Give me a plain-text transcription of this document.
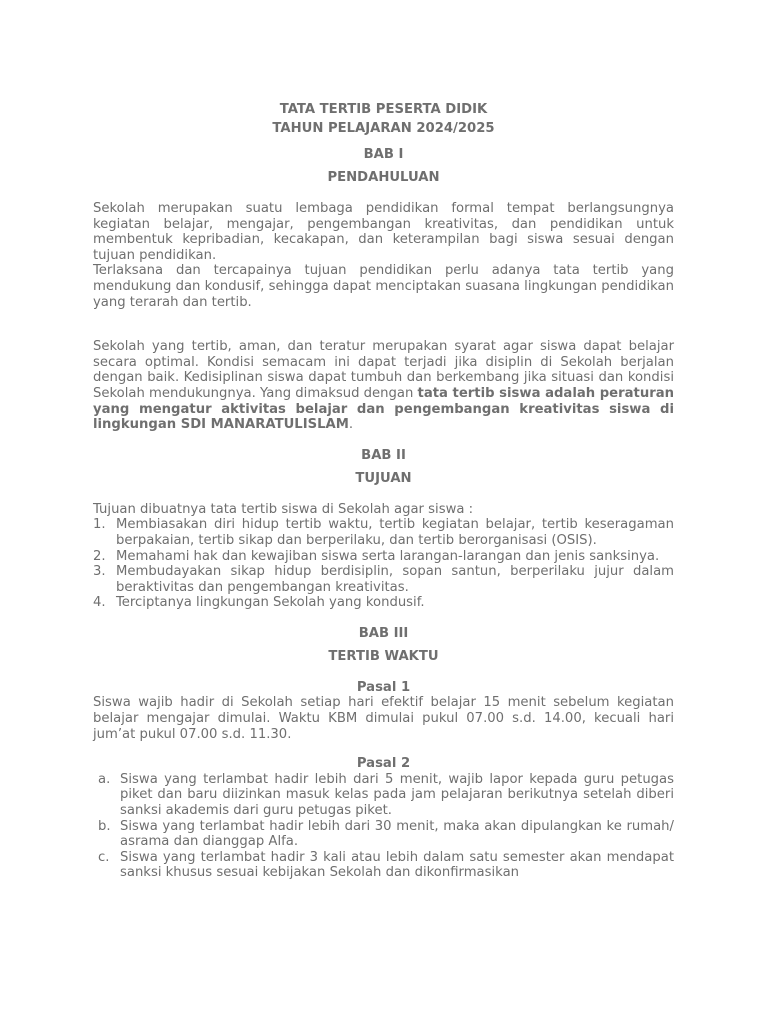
TATA TERTIB PESERTA DIDIK
TAHUN PELAJARAN 2024/2025
BAB I
PENDAHULUAN
Sekolah merupakan suatu lembaga pendidikan formal tempat berlangsungnya kegiatan belajar, mengajar, pengembangan kreativitas, dan pendidikan untuk membentuk kepribadian, kecakapan, dan keterampilan bagi siswa sesuai dengan tujuan pendidikan.
Terlaksana dan tercapainya tujuan pendidikan perlu adanya tata tertib yang mendukung dan kondusif, sehingga dapat menciptakan suasana lingkungan pendidikan yang terarah dan tertib.
Sekolah yang tertib, aman, dan teratur merupakan syarat agar siswa dapat belajar secara optimal. Kondisi semacam ini dapat terjadi jika disiplin di Sekolah berjalan dengan baik. Kedisiplinan siswa dapat tumbuh dan berkembang jika situasi dan kondisi Sekolah mendukungnya. Yang dimaksud dengan tata tertib siswa adalah peraturan yang mengatur aktivitas belajar dan pengembangan kreativitas siswa di lingkungan SDI MANARATULISLAM.
BAB II
TUJUAN
Tujuan dibuatnya tata tertib siswa di Sekolah agar siswa :
1. Membiasakan diri hidup tertib waktu, tertib kegiatan belajar, tertib keseragaman berpakaian, tertib sikap dan berperilaku, dan tertib berorganisasi (OSIS).
2. Memahami hak dan kewajiban siswa serta larangan-larangan dan jenis sanksinya.
3. Membudayakan sikap hidup berdisiplin, sopan santun, berperilaku jujur dalam beraktivitas dan pengembangan kreativitas.
4. Terciptanya lingkungan Sekolah yang kondusif.
BAB III
TERTIB WAKTU
Pasal 1
Siswa wajib hadir di Sekolah setiap hari efektif belajar 15 menit sebelum kegiatan belajar mengajar dimulai. Waktu KBM dimulai pukul 07.00 s.d. 14.00, kecuali hari jum’at pukul 07.00 s.d. 11.30.
Pasal 2
a. Siswa yang terlambat hadir lebih dari 5 menit, wajib lapor kepada guru petugas piket dan baru diizinkan masuk kelas pada jam pelajaran berikutnya setelah diberi sanksi akademis dari guru petugas piket.
b. Siswa yang terlambat hadir lebih dari 30 menit, maka akan dipulangkan ke rumah/ asrama dan dianggap Alfa.
c. Siswa yang terlambat hadir 3 kali atau lebih dalam satu semester akan mendapat sanksi khusus sesuai kebijakan Sekolah dan dikonfirmasikan
